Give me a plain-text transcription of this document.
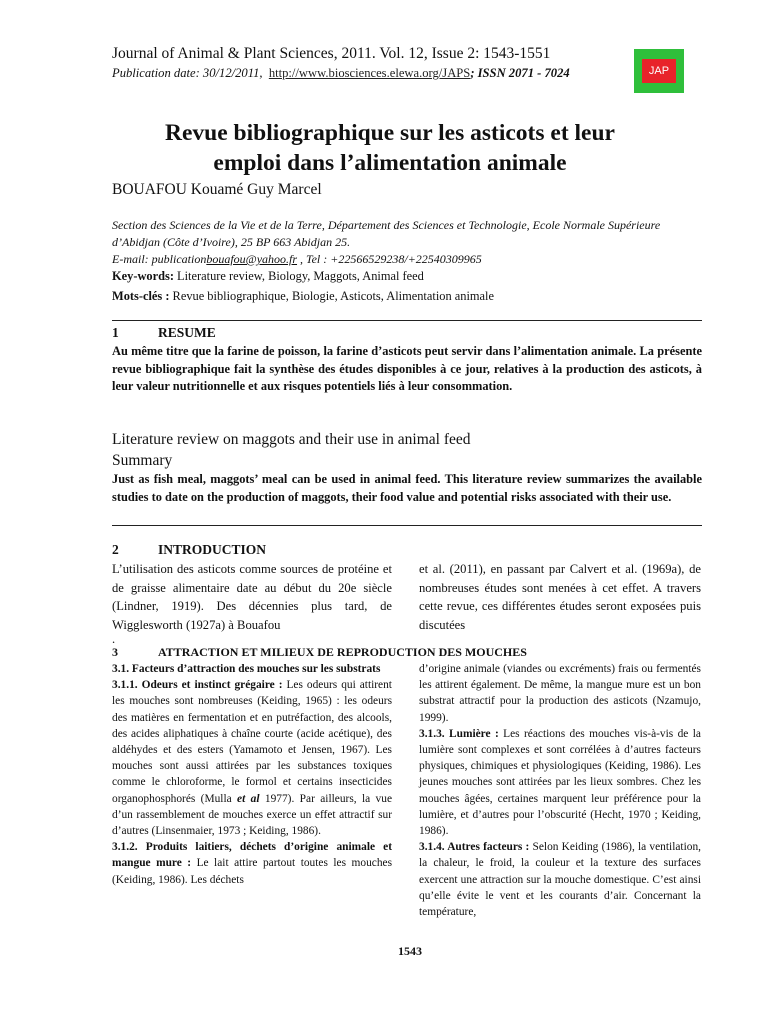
Journal of Animal & Plant Sciences, 2011. Vol. 12, Issue 2: 1543-1551
Publication date: 30/12/2011, http://www.biosciences.elewa.org/JAPS; ISSN 2071 - 7024	JAP
Revue bibliographique sur les asticots et leur
emploi dans l’alimentation animale
BOUAFOU Kouamé Guy Marcel
Section des Sciences de la Vie et de la Terre, Département des Sciences et Technologie, Ecole Normale Supérieure
d’Abidjan (Côte d’Ivoire), 25 BP 663 Abidjan 25.
E-mail: publicationbouafou@yahoo.fr , Tel : +22566529238/+22540309965
Key-words: Literature review, Biology, Maggots, Animal feed
Mots-clés : Revue bibliographique, Biologie, Asticots, Alimentation animale
1	RESUME
Au même titre que la farine de poisson, la farine d’asticots peut servir dans l’alimentation animale. La présente revue bibliographique fait la synthèse des études disponibles à ce jour, relatives à la production des asticots, à leur valeur nutritionnelle et aux risques potentiels liés à leur consommation.
Literature review on maggots and their use in animal feed
Summary
Just as fish meal, maggots’ meal can be used in animal feed. This literature review summarizes the available studies to date on the production of maggots, their food value and potential risks associated with their use.
2	INTRODUCTION
L’utilisation des asticots comme sources de protéine et de graisse alimentaire date au début du 20e siècle (Lindner, 1919). Des décennies plus tard, de Wigglesworth (1927a) à Bouafou
.
et al. (2011), en passant par Calvert et al. (1969a), de nombreuses études sont menées à cet effet. A travers cette revue, ces différentes études seront exposées puis discutées
3	ATTRACTION ET MILIEUX DE REPRODUCTION DES MOUCHES
3.1. Facteurs d’attraction des mouches sur les substrats
3.1.1. Odeurs et instinct grégaire : Les odeurs qui attirent les mouches sont nombreuses (Keiding, 1965) : les odeurs des matières en fermentation et en putréfaction, des alcools, des acides aliphatiques à chaîne courte (acide acétique), des aldéhydes et des esters (Yamamoto et Jensen, 1967). Les mouches sont aussi attirées par les substances toxiques comme le chloroforme, le formol et certains insecticides organophosphorés (Mulla et al 1977). Par ailleurs, la vue d’un rassemblement de mouches exerce un effet attractif sur d’autres (Linsenmaier, 1973 ; Keiding, 1986).
3.1.2. Produits laitiers, déchets d’origine animale et mangue mure : Le lait attire partout toutes les mouches (Keiding, 1986). Les déchets
d’origine animale (viandes ou excréments) frais ou fermentés les attirent également. De même, la mangue mure est un bon substrat attractif pour la production des asticots (Nzamujo, 1999).
3.1.3. Lumière : Les réactions des mouches vis-à-vis de la lumière sont complexes et sont corrélées à d’autres facteurs physiques, chimiques et physiologiques (Keiding, 1986). Les jeunes mouches sont attirées par les lieux sombres. Chez les mouches âgées, certaines marquent leur préférence pour la lumière, et d’autres pour l’obscurité (Hecht, 1970 ; Keiding, 1986).
3.1.4. Autres facteurs : Selon Keiding (1986), la ventilation, la chaleur, le froid, la couleur et la texture des surfaces exercent une attraction sur la mouche domestique. C’est ainsi qu’elle évite le vent et les courants d’air. Concernant la température,
1543
